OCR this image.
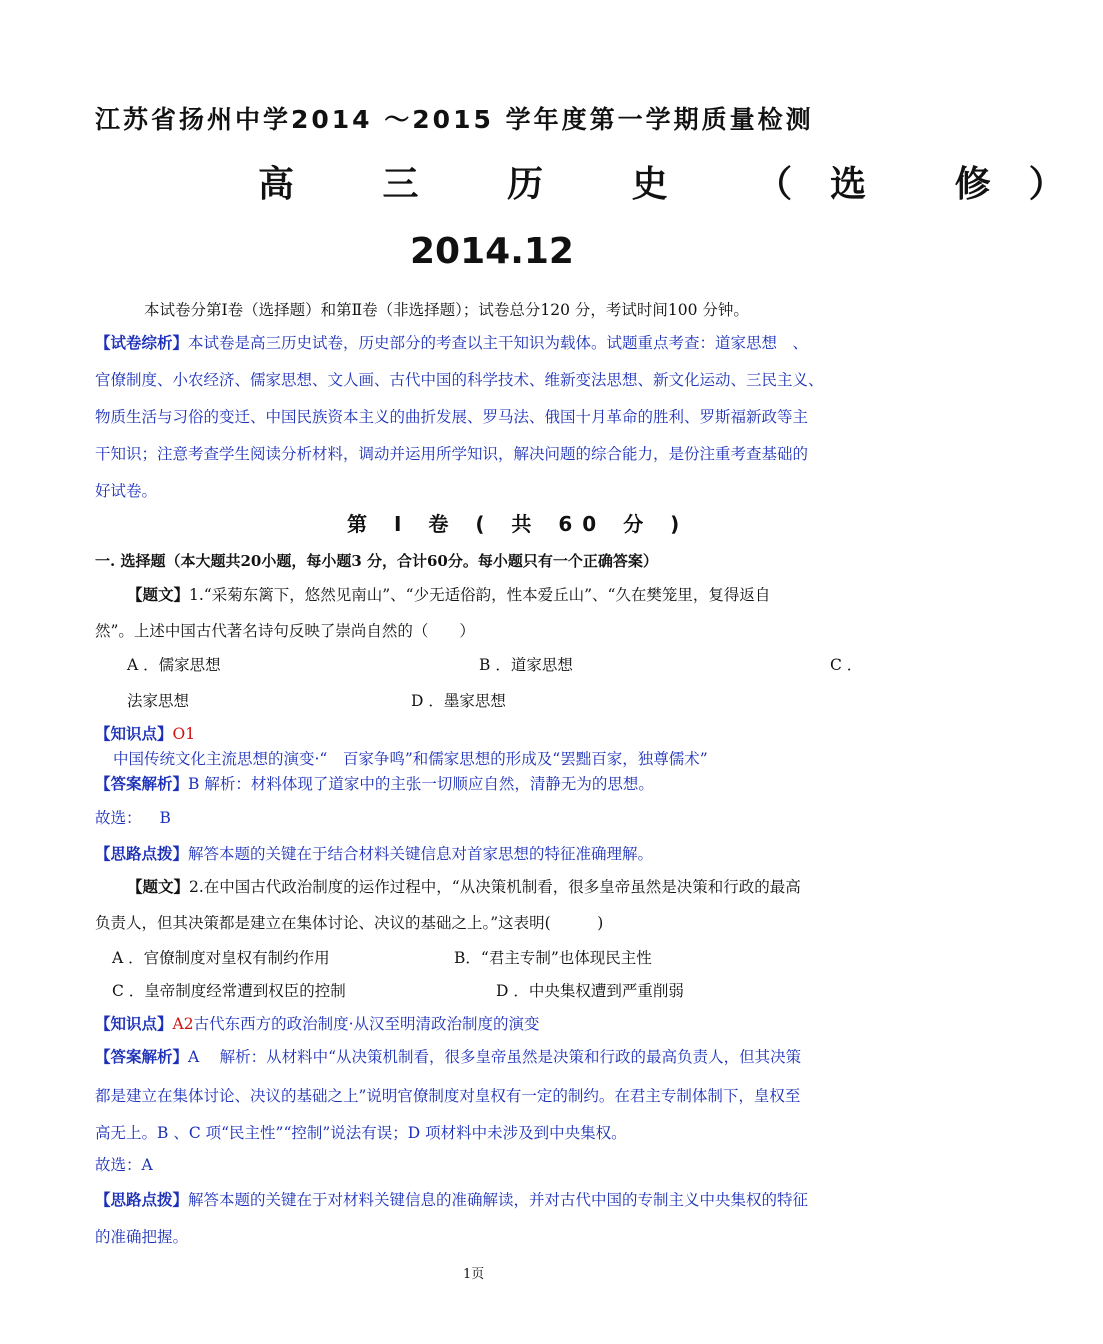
江苏省扬州中学2014 ～2015 学年度第一学期质量检测
高 三 历 史 （选 修）
2014.12
本试卷分第Ⅰ卷（选择题）和第Ⅱ卷（非选择题）；试卷总分120 分，考试时间100 分钟。
【试卷综析】本试卷是高三历史试卷，历史部分的考查以主干知识为载体。试题重点考查：道家思想　、
官僚制度、小农经济、儒家思想、文人画、古代中国的科学技术、维新变法思想、新文化运动、三民主义、
物质生活与习俗的变迁、中国民族资本主义的曲折发展、罗马法、俄国十月革命的胜利、罗斯福新政等主
干知识；注意考查学生阅读分析材料，调动并运用所学知识，解决问题的综合能力，是份注重考查基础的
好试卷。
第 I 卷 ( 共 60 分 )
一. 选择题（本大题共20小题，每小题3 分，合计60分。每小题只有一个正确答案）
【题文】1.“采菊东篱下，悠然见南山”、“少无适俗韵，性本爱丘山”、“久在樊笼里，复得返自
然”。上述中国古代著名诗句反映了崇尚自然的（　　）
A ．儒家思想	B ．道家思想	C ．
法家思想	D ．墨家思想
【知识点】O1
中国传统文化主流思想的演变·“　百家争鸣”和儒家思想的形成及“罢黜百家，独尊儒术”
【答案解析】B 解析：材料体现了道家中的主张一切顺应自然，清静无为的思想。
故选： B
【思路点拨】解答本题的关键在于结合材料关键信息对首家思想的特征准确理解。
【题文】2.在中国古代政治制度的运作过程中，“从决策机制看，很多皇帝虽然是决策和行政的最高
负责人，但其决策都是建立在集体讨论、决议的基础之上。”这表明(　　　)
A ．官僚制度对皇权有制约作用	B．“君主专制”也体现民主性
C ．皇帝制度经常遭到权臣的控制	D ．中央集权遭到严重削弱
【知识点】A2古代东西方的政治制度·从汉至明清政治制度的演变
【答案解析】A　 解析：从材料中“从决策机制看，很多皇帝虽然是决策和行政的最高负责人，但其决策
都是建立在集体讨论、决议的基础之上”说明官僚制度对皇权有一定的制约。在君主专制体制下，皇权至
高无上。B 、C 项“民主性”“控制”说法有误；D 项材料中未涉及到中央集权。
故选：A
【思路点拨】解答本题的关键在于对材料关键信息的准确解读，并对古代中国的专制主义中央集权的特征
的准确把握。
1页
